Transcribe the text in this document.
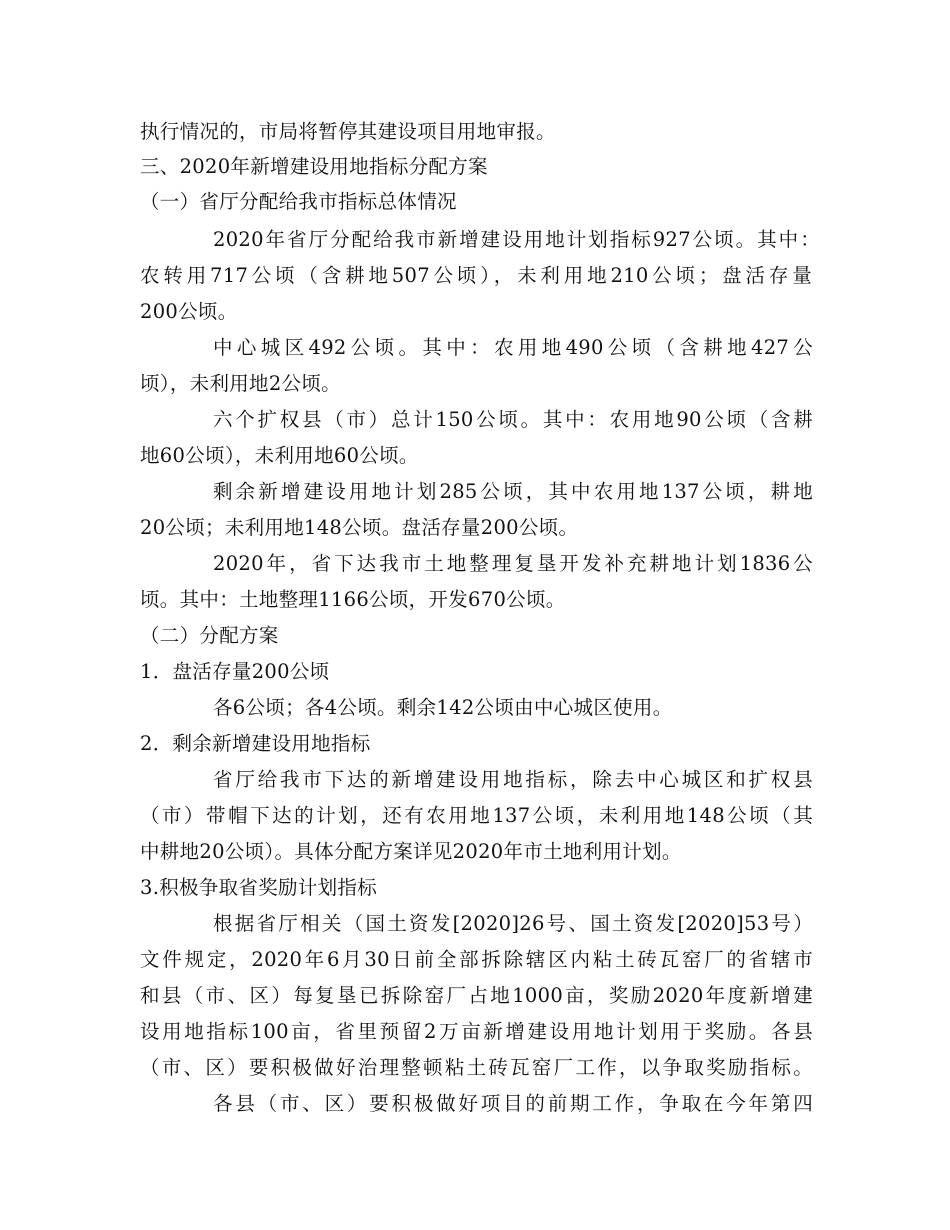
执行情况的，市局将暂停其建设项目用地审报。
三、2020年新增建设用地指标分配方案
（一）省厅分配给我市指标总体情况
2020年省厅分配给我市新增建设用地计划指标927公顷。其中：
农转用717公顷（含耕地507公顷），未利用地210公顷；盘活存量
200公顷。
中心城区492公顷。其中：农用地490公顷（含耕地427公
顷），未利用地2公顷。
六个扩权县（市）总计150公顷。其中：农用地90公顷（含耕
地60公顷），未利用地60公顷。
剩余新增建设用地计划285公顷，其中农用地137公顷，耕地
20公顷；未利用地148公顷。盘活存量200公顷。
2020年，省下达我市土地整理复垦开发补充耕地计划1836公
顷。其中：土地整理1166公顷，开发670公顷。
（二）分配方案
1．盘活存量200公顷
各6公顷；各4公顷。剩余142公顷由中心城区使用。
2．剩余新增建设用地指标
省厅给我市下达的新增建设用地指标，除去中心城区和扩权县
（市）带帽下达的计划，还有农用地137公顷，未利用地148公顷（其
中耕地20公顷）。具体分配方案详见2020年市土地利用计划。
3.积极争取省奖励计划指标
根据省厅相关（国土资发[2020]26号、国土资发[2020]53号）
文件规定，2020年6月30日前全部拆除辖区内粘土砖瓦窑厂的省辖市
和县（市、区）每复垦已拆除窑厂占地1000亩，奖励2020年度新增建
设用地指标100亩，省里预留2万亩新增建设用地计划用于奖励。各县
（市、区）要积极做好治理整顿粘土砖瓦窑厂工作，以争取奖励指标。
各县（市、区）要积极做好项目的前期工作，争取在今年第四
